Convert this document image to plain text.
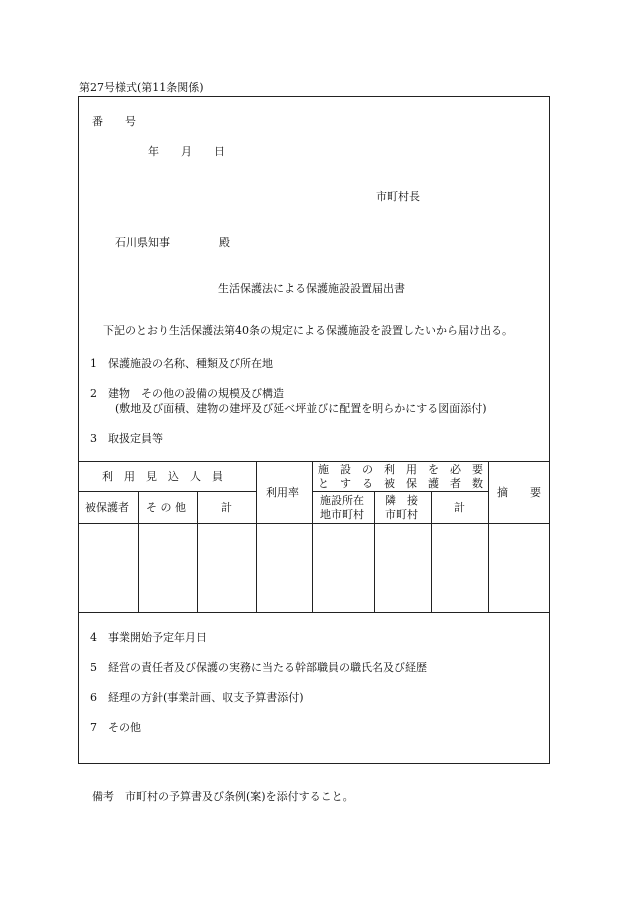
第27号様式(第11条関係)
番　　号
年　　月　　日
市町村長
石川県知事	殿
生活保護法による保護施設設置届出書
下記のとおり生活保護法第40条の規定による保護施設を設置したいから届け出る。
1 保護施設の名称、種類及び所在地
2 建物　その他の設備の規模及び構造
(敷地及び面積、建物の建坪及び延べ坪並びに配置を明らかにする図面添付)
3 取扱定員等
利　用　見　込　人　員
被保護者 そ の 他	計
利用率
施　設　の　利　用　を　必　要
と　す　る　被　保　護　者　数
施設所在
地市町村
隣　接
市町村
計
摘　　要
4 事業開始予定年月日
5 経営の責任者及び保護の実務に当たる幹部職員の職氏名及び経歴
6 経理の方針(事業計画、収支予算書添付)
7 その他
備考　市町村の予算書及び条例(案)を添付すること。
